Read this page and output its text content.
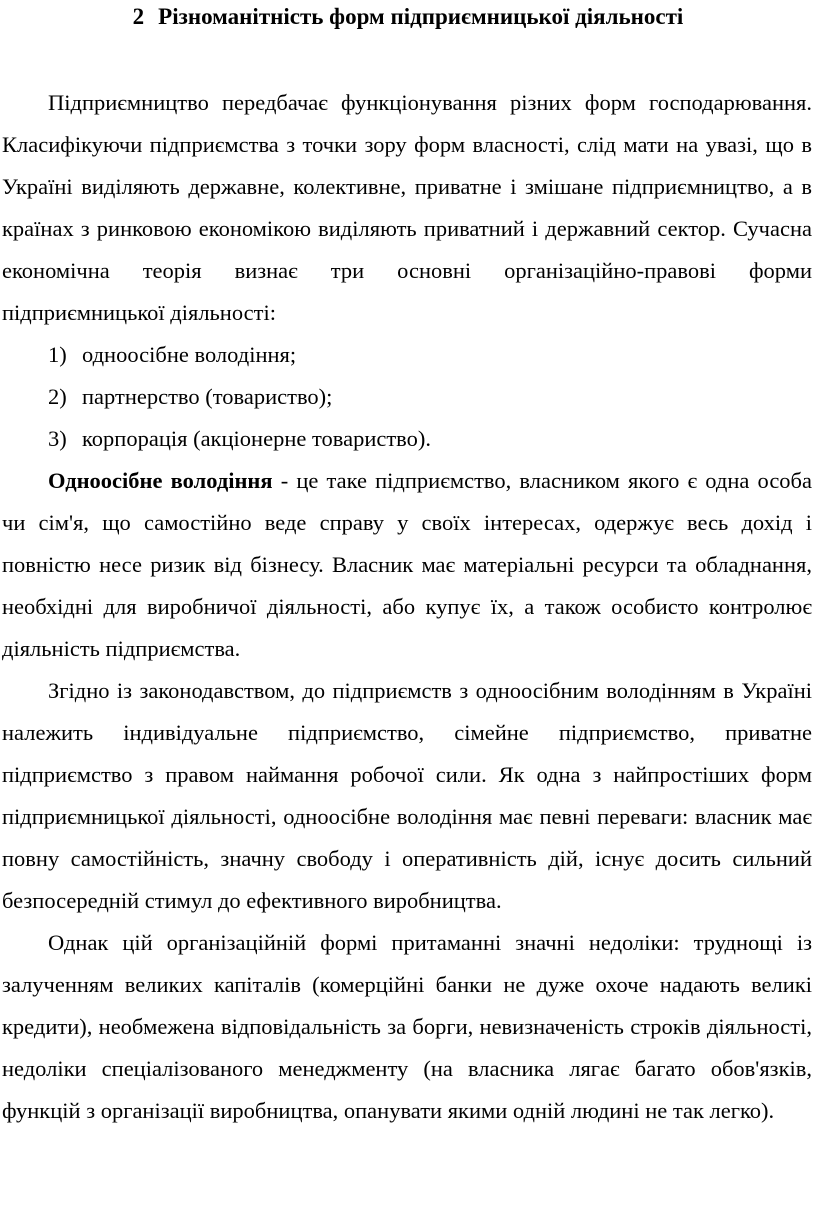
2 Різноманітність форм підприємницької діяльності

Підприємництво передбачає функціонування різних форм господарювання. Класифікуючи підприємства з точки зору форм власності, слід мати на увазі, що в Україні виділяють державне, колективне, приватне і змішане підприємництво, а в країнах з ринковою економікою виділяють приватний і державний сектор. Сучасна економічна теорія визнає три основні організаційно-правові форми підприємницької діяльності:

1) одноосібне володіння;

2) партнерство (товариство);

3) корпорація (акціонерне товариство).

Одноосібне володіння - це таке підприємство, власником якого є одна особа чи сім'я, що самостійно веде справу у своїх інтересах, одержує весь дохід і повністю несе ризик від бізнесу. Власник має матеріальні ресурси та обладнання, необхідні для виробничої діяльності, або купує їх, а також особисто контролює діяльність підприємства.

Згідно із законодавством, до підприємств з одноосібним володінням в Україні належить індивідуальне підприємство, сімейне підприємство, приватне підприємство з правом наймання робочої сили. Як одна з найпростіших форм підприємницької діяльності, одноосібне володіння має певні переваги: власник має повну самостійність, значну свободу і оперативність дій, існує досить сильний безпосередній стимул до ефективного виробництва.

Однак цій організаційній формі притаманні значні недоліки: труднощі із залученням великих капіталів (комерційні банки не дуже охоче надають великі кредити), необмежена відповідальність за борги, невизначеність строків діяльності, недоліки спеціалізованого менеджменту (на власника лягає багато обов'язків, функцій з організації виробництва, опанувати якими одній людині не так легко).
